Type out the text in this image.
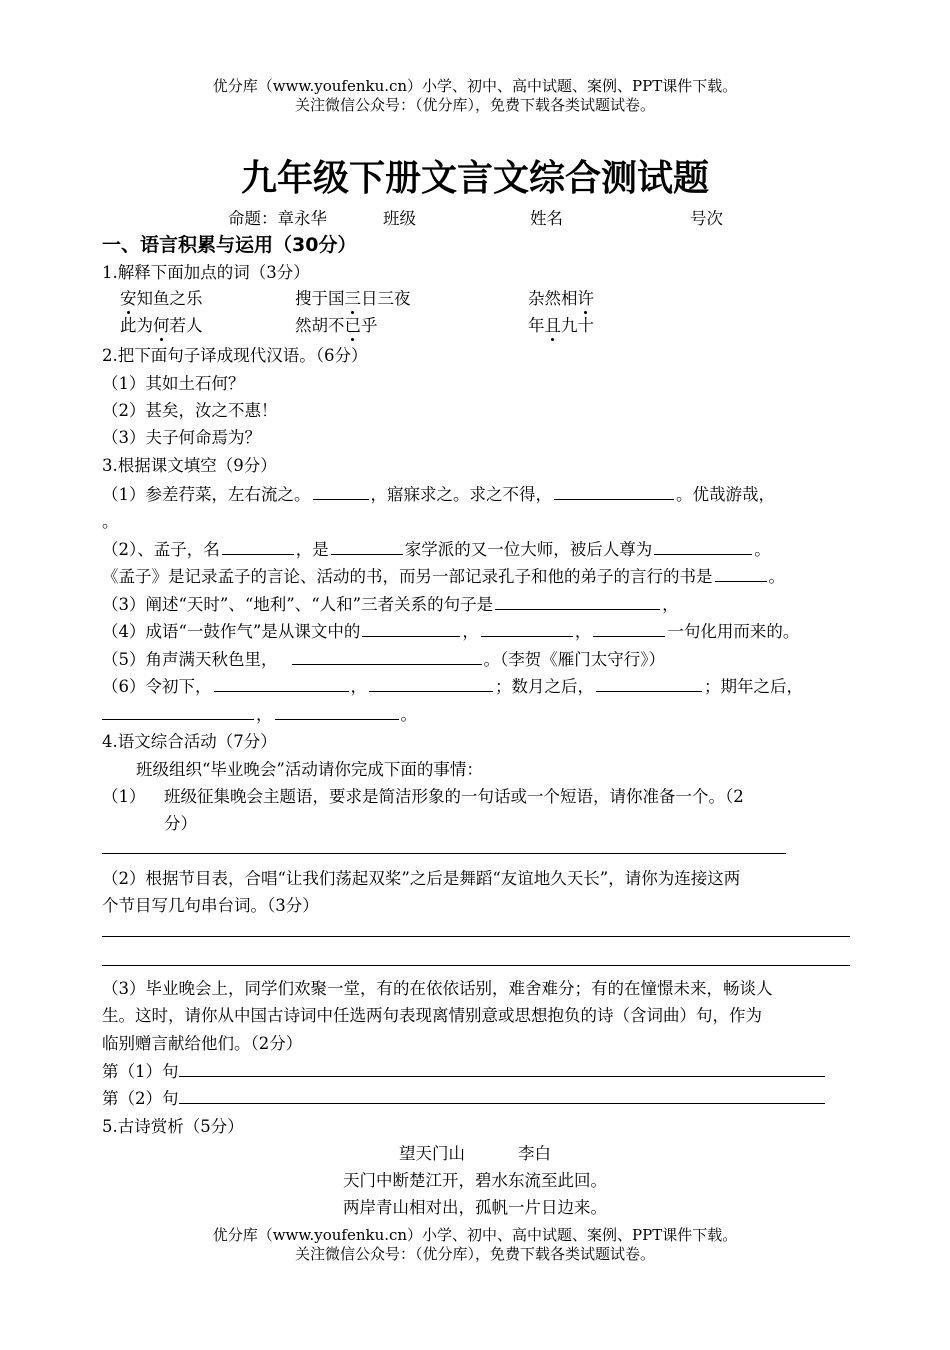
优分库（www.youfenku.cn）小学、初中、高中试题、案例、PPT课件下载。
关注微信公众号：（优分库），免费下载各类试题试卷。
九年级下册文言文综合测试题
命题：章永华	班级	姓名	号次
一、语言积累与运用（30分）
1.解释下面加点的词（3分）
安知鱼之乐	搜于国三日三夜	杂然相许
此为何若人	然胡不已乎	年且九十
2.把下面句子译成现代汉语。（6分）
（1）其如土石何？
（2）甚矣，汝之不惠！
（3）夫子何命焉为？
3.根据课文填空（9分）
（1）参差荇菜，左右流之。	，寤寐求之。求之不得，	。优哉游哉，
。
（2）、孟子，名	，是	家学派的又一位大师，被后人尊为	。
《孟子》是记录孟子的言论、活动的书，而另一部记录孔子和他的弟子的言行的书是	。
（3）阐述“天时”、“地利”、“人和”三者关系的句子是	，
（4）成语“一鼓作气”是从课文中的	，	，	一句化用而来的。
（5）角声满天秋色里，	。（李贺《雁门太守行》）
（6）令初下，	，	；数月之后，	；期年之后，
，	。
4.语文综合活动（7分）
班级组织“毕业晚会”活动请你完成下面的事情：
（1） 班级征集晚会主题语，要求是简洁形象的一句话或一个短语，请你准备一个。（2
分）
（2）根据节目表，合唱“让我们荡起双桨”之后是舞蹈“友谊地久天长”，请你为连接这两
个节目写几句串台词。（3分）
（3）毕业晚会上，同学们欢聚一堂，有的在依依话别，难舍难分；有的在憧憬未来，畅谈人
生。这时，请你从中国古诗词中任选两句表现离情别意或思想抱负的诗（含词曲）句，作为
临别赠言献给他们。（2分）
第（1）句
第（2）句
5.古诗赏析（5分）
望天门山	李白
天门中断楚江开，碧水东流至此回。
两岸青山相对出，孤帆一片日边来。
优分库（www.youfenku.cn）小学、初中、高中试题、案例、PPT课件下载。
关注微信公众号：（优分库），免费下载各类试题试卷。
